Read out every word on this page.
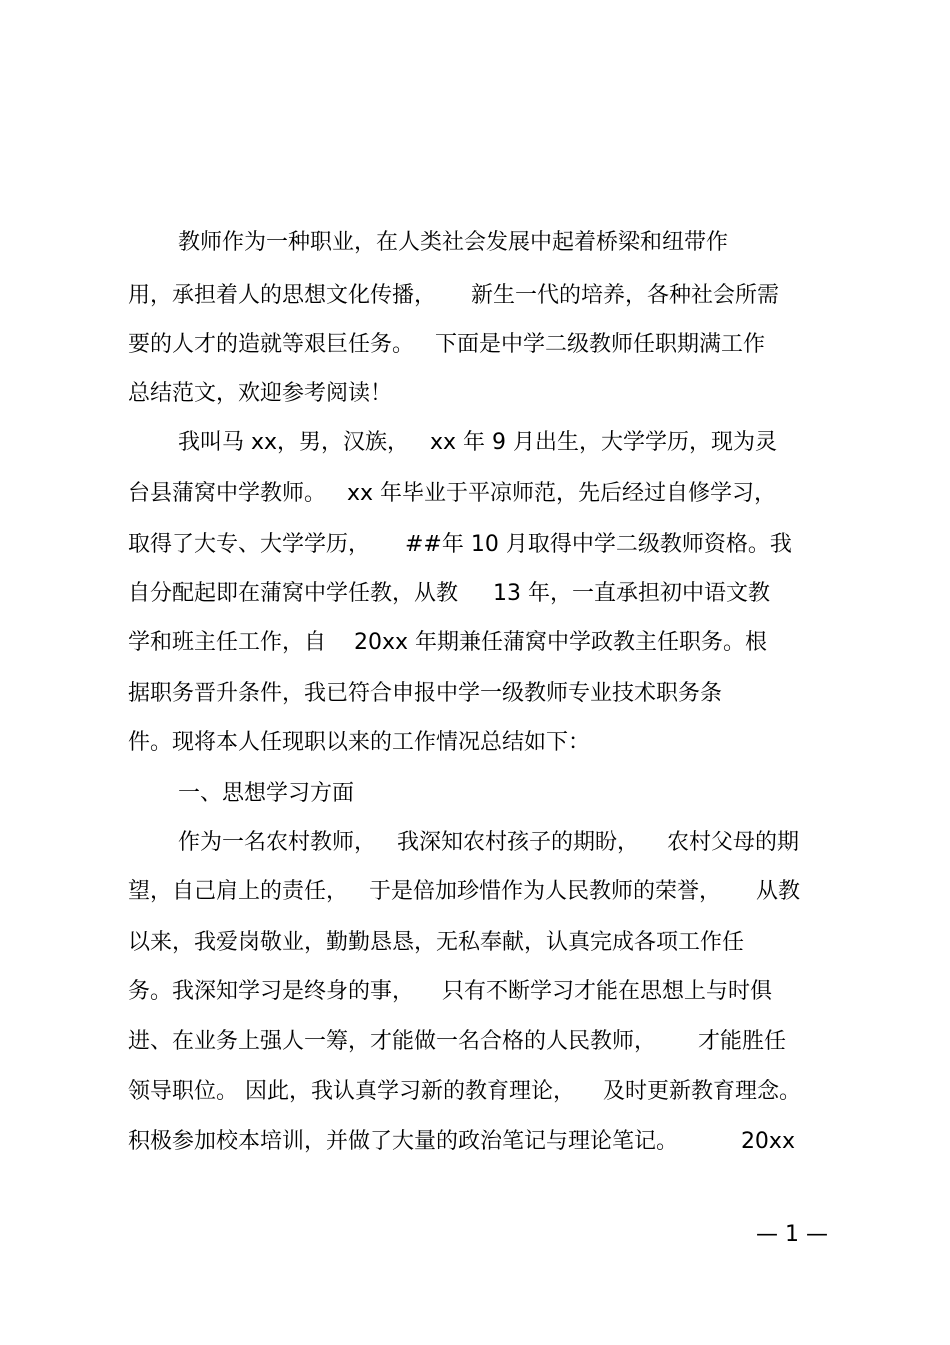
教师作为一种职业，在人类社会发展中起着桥梁和纽带作
用，承担着人的思想文化传播，     新生一代的培养，各种社会所需
要的人才的造就等艰巨任务。   下面是中学二级教师任职期满工作
总结范文，欢迎参考阅读！
我叫马 xx，男，汉族，   xx 年 9 月出生，大学学历，现为灵
台县蒲窝中学教师。   xx 年毕业于平凉师范，先后经过自修学习，
取得了大专、大学学历，     ##年 10 月取得中学二级教师资格。我
自分配起即在蒲窝中学任教，从教     13 年，一直承担初中语文教
学和班主任工作，自    20xx 年期兼任蒲窝中学政教主任职务。根
据职务晋升条件，我已符合申报中学一级教师专业技术职务条
件。现将本人任现职以来的工作情况总结如下：
一、思想学习方面
作为一名农村教师，   我深知农村孩子的期盼，    农村父母的期
望，自己肩上的责任，   于是倍加珍惜作为人民教师的荣誉，     从教
以来，我爱岗敬业，勤勤恳恳，无私奉献，认真完成各项工作任
务。我深知学习是终身的事，    只有不断学习才能在思想上与时俱
进、在业务上强人一筹，才能做一名合格的人民教师，      才能胜任
领导职位。 因此，我认真学习新的教育理论，    及时更新教育理念。
积极参加校本培训，并做了大量的政治笔记与理论笔记。         20xx
— 1 —
